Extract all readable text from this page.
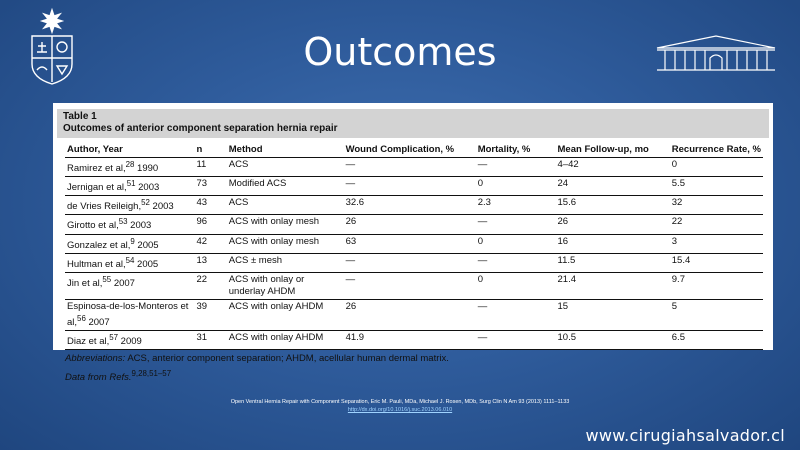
Outcomes
Table 1
Outcomes of anterior component separation hernia repair
Author, Year	n	Method	Wound Complication, %	Mortality, %	Mean Follow-up, mo	Recurrence Rate, %
Ramirez et al,$^{28}$ 1990	11	ACS	—	—	4–42	0
Jernigan et al,$^{51}$ 2003	73	Modified ACS	—	0	24	5.5
de Vries Reileigh,$^{52}$ 2003	43	ACS	32.6	2.3	15.6	32
Girotto et al,$^{53}$ 2003	96	ACS with onlay mesh	26	—	26	22
Gonzalez et al,$^9$ 2005	42	ACS with onlay mesh	63	0	16	3
Hultman et al,$^{54}$ 2005	13	ACS ± mesh	—	—	11.5	15.4
Jin et al,$^{55}$ 2007	22	ACS with onlay or underlay AHDM	—	0	21.4	9.7
Espinosa-de-los-Monteros et al,$^{56}$ 2007	39	ACS with onlay AHDM	26	—	15	5
Diaz et al,$^{57}$ 2009	31	ACS with onlay AHDM	41.9	—	10.5	6.5
Abbreviations: ACS, anterior component separation; AHDM, acellular human dermal matrix.
Data from Refs.$^{9,28,51-57}$
Open Ventral Hernia Repair with Component Separation, Eric M. Pauli, MDa, Michael J. Rosen, MDb, Surg Clin N Am 93 (2013) 1111–1133
http://dx.doi.org/10.1016/j.suc.2013.06.010
www.cirugiahsalvador.cl
